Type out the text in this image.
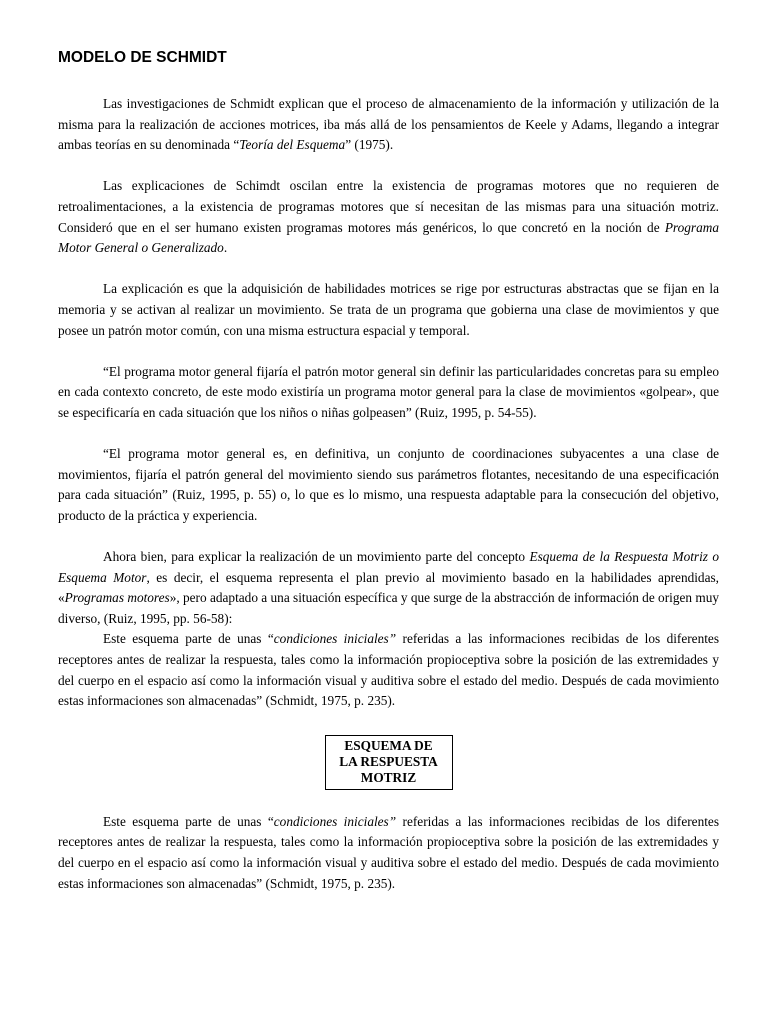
MODELO DE SCHMIDT

Las investigaciones de Schmidt explican que el proceso de almacenamiento de la información y utilización de la misma para la realización de acciones motrices, iba más allá de los pensamientos de Keele y Adams, llegando a integrar ambas teorías en su denominada “Teoría del Esquema” (1975).

Las explicaciones de Schimdt oscilan entre la existencia de programas motores que no requieren de retroalimentaciones, a la existencia de programas motores que sí necesitan de las mismas para una situación motriz. Consideró que en el ser humano existen programas motores más genéricos, lo que concretó en la noción de Programa Motor General o Generalizado.

La explicación es que la adquisición de habilidades motrices se rige por estructuras abstractas que se fijan en la memoria y se activan al realizar un movimiento. Se trata de un programa que gobierna una clase de movimientos y que posee un patrón motor común, con una misma estructura espacial y temporal.

“El programa motor general fijaría el patrón motor general sin definir las particularidades concretas para su empleo en cada contexto concreto, de este modo existiría un programa motor general para la clase de movimientos «golpear», que se especificaría en cada situación que los niños o niñas golpeasen” (Ruiz, 1995, p. 54-55).

“El programa motor general es, en definitiva, un conjunto de coordinaciones subyacentes a una clase de movimientos, fijaría el patrón general del movimiento siendo sus parámetros flotantes, necesitando de una especificación para cada situación” (Ruiz, 1995, p. 55) o, lo que es lo mismo, una respuesta adaptable para la consecución del objetivo, producto de la práctica y experiencia.

Ahora bien, para explicar la realización de un movimiento parte del concepto Esquema de la Respuesta Motriz o Esquema Motor, es decir, el esquema representa el plan previo al movimiento basado en la habilidades aprendidas, «Programas motores», pero adaptado a una situación específica y que surge de la abstracción de información de origen muy diverso, (Ruiz, 1995, pp. 56-58):

Este esquema parte de unas “condiciones iniciales” referidas a las informaciones recibidas de los diferentes receptores antes de realizar la respuesta, tales como la información propioceptiva sobre la posición de las extremidades y del cuerpo en el espacio así como la información visual y auditiva sobre el estado del medio. Después de cada movimiento estas informaciones son almacenadas” (Schmidt, 1975, p. 235).

ESQUEMA DE
LA RESPUESTA
MOTRIZ

Este esquema parte de unas “condiciones iniciales” referidas a las informaciones recibidas de los diferentes receptores antes de realizar la respuesta, tales como la información propioceptiva sobre la posición de las extremidades y del cuerpo en el espacio así como la información visual y auditiva sobre el estado del medio. Después de cada movimiento estas informaciones son almacenadas” (Schmidt, 1975, p. 235).
